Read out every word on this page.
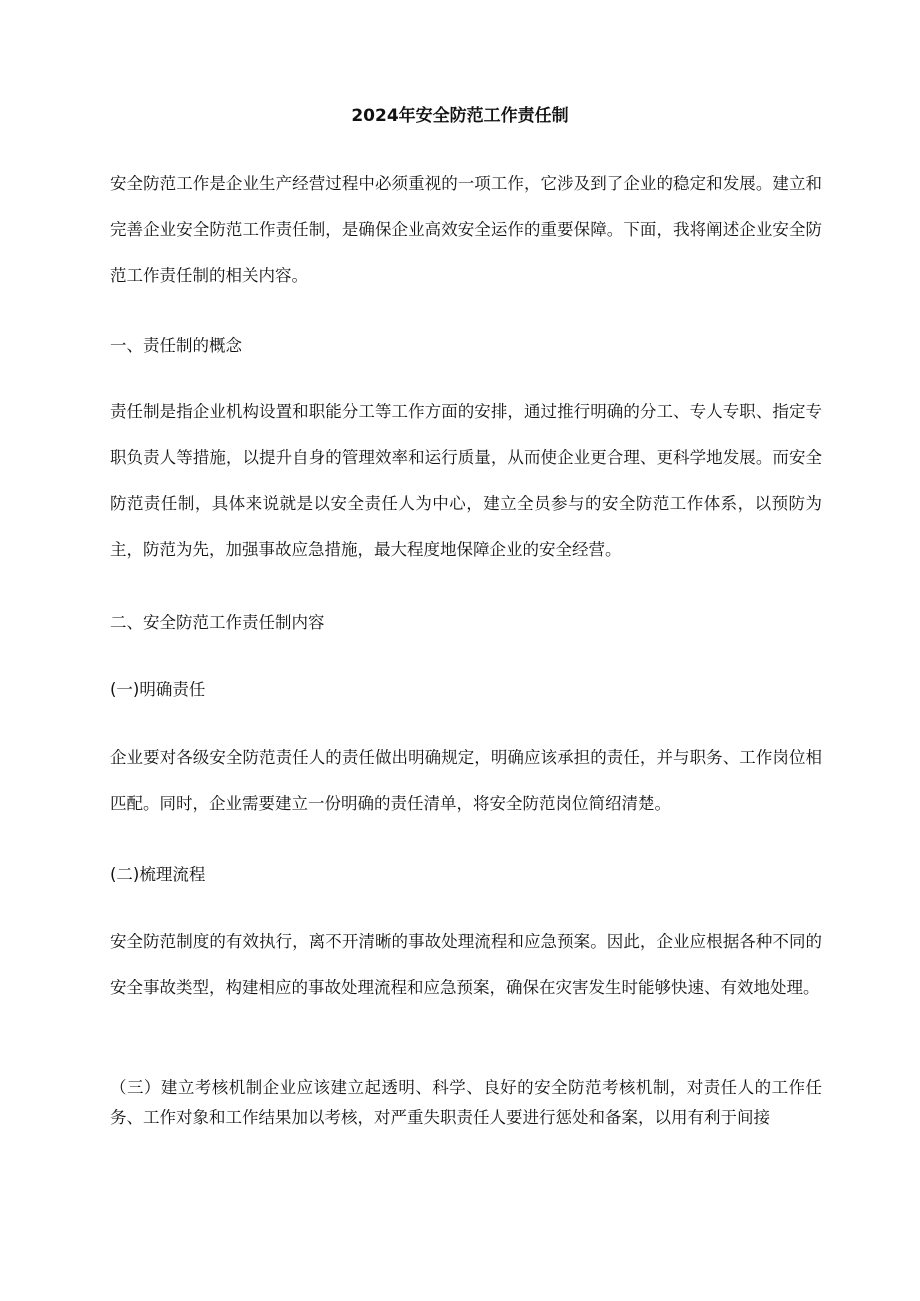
2024年安全防范工作责任制
安全防范工作是企业生产经营过程中必须重视的一项工作，它涉及到了企业的稳定和发展。建立和完善企业安全防范工作责任制，是确保企业高效安全运作的重要保障。下面，我将阐述企业安全防范工作责任制的相关内容。
一、责任制的概念
责任制是指企业机构设置和职能分工等工作方面的安排，通过推行明确的分工、专人专职、指定专职负责人等措施，以提升自身的管理效率和运行质量，从而使企业更合理、更科学地发展。而安全防范责任制，具体来说就是以安全责任人为中心，建立全员参与的安全防范工作体系，以预防为主，防范为先，加强事故应急措施，最大程度地保障企业的安全经营。
二、安全防范工作责任制内容
(一)明确责任
企业要对各级安全防范责任人的责任做出明确规定，明确应该承担的责任，并与职务、工作岗位相匹配。同时，企业需要建立一份明确的责任清单，将安全防范岗位简绍清楚。
(二)梳理流程
安全防范制度的有效执行，离不开清晰的事故处理流程和应急预案。因此，企业应根据各种不同的安全事故类型，构建相应的事故处理流程和应急预案，确保在灾害发生时能够快速、有效地处理。
（三）建立考核机制企业应该建立起透明、科学、良好的安全防范考核机制，对责任人的工作任务、工作对象和工作结果加以考核，对严重失职责任人要进行惩处和备案，以用有利于间接
